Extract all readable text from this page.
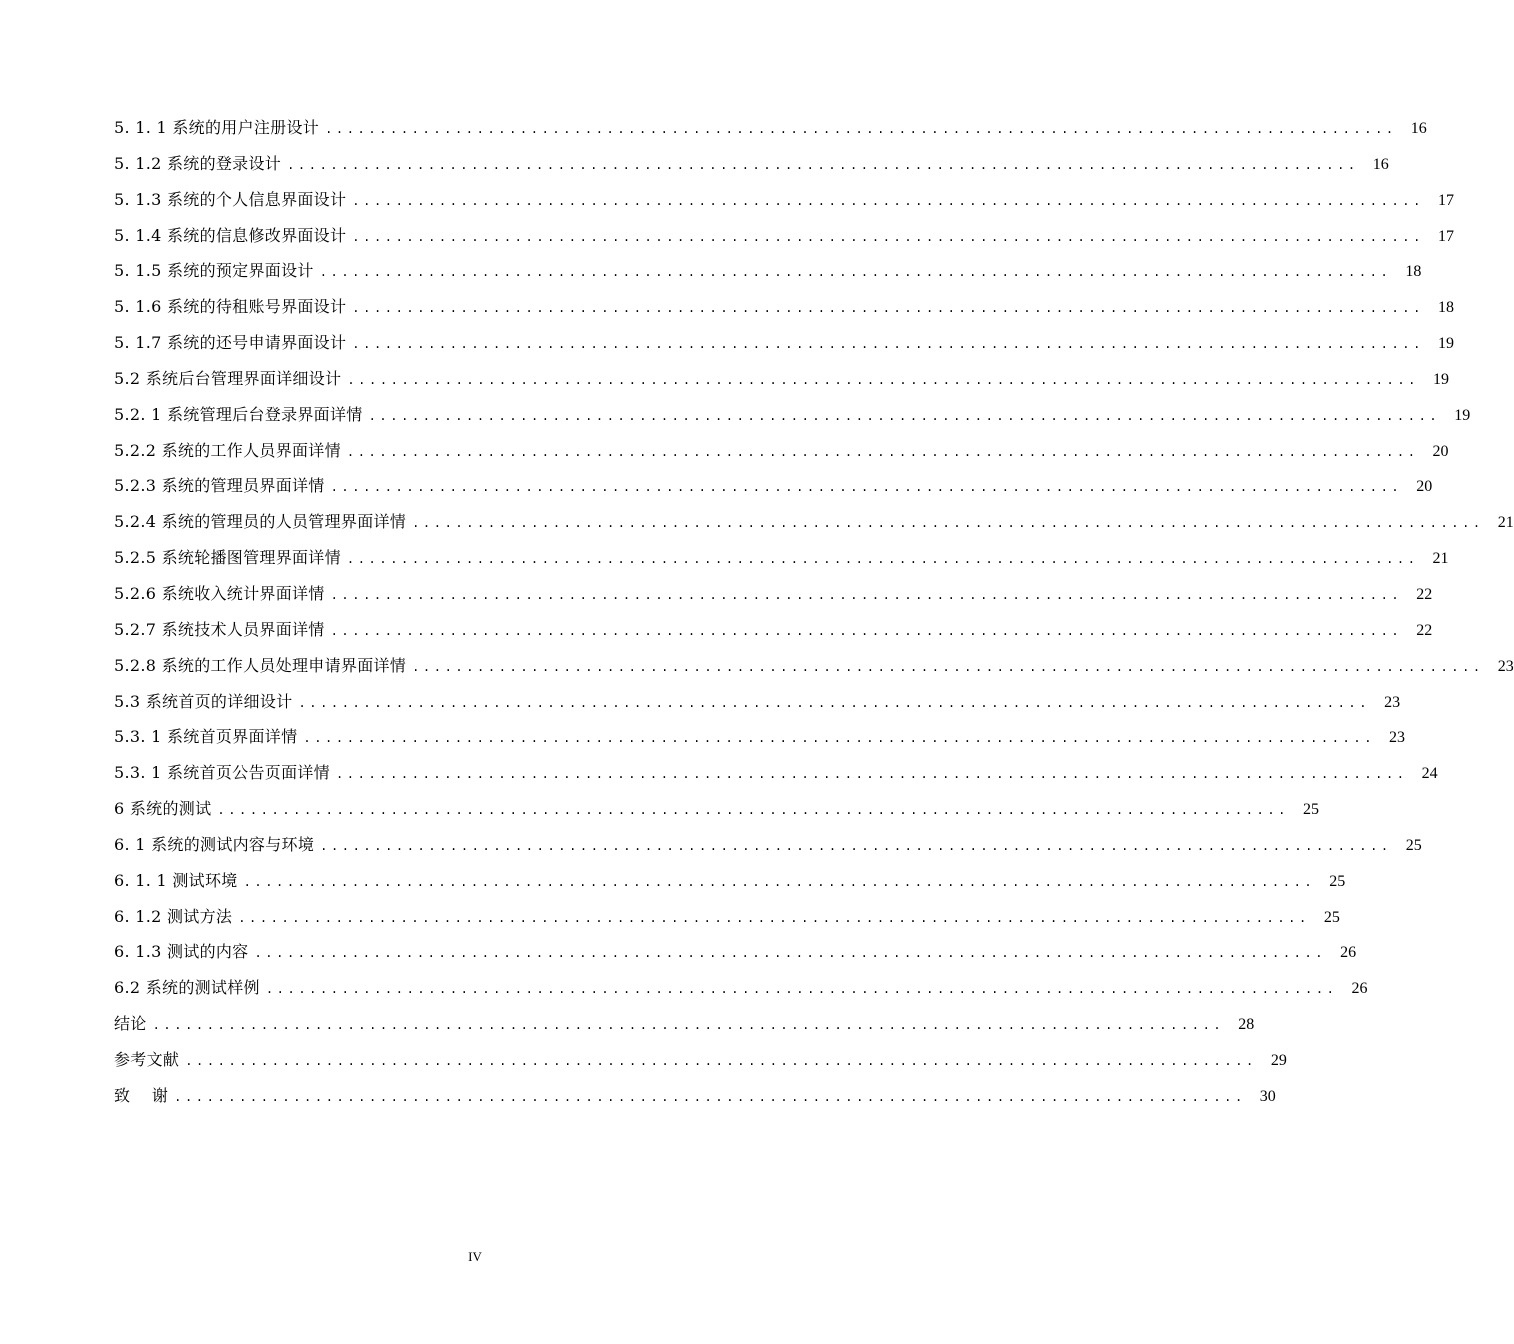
5. 1. 1 系统的用户注册设计 ................................................................................................... 16
5. 1.2 系统的登录设计 ................................................................................................... 16
5. 1.3 系统的个人信息界面设计 ................................................................................................... 17
5. 1.4 系统的信息修改界面设计 ................................................................................................... 17
5. 1.5 系统的预定界面设计 ................................................................................................... 18
5. 1.6 系统的待租账号界面设计 ................................................................................................... 18
5. 1.7 系统的还号申请界面设计 ................................................................................................... 19
5.2 系统后台管理界面详细设计 ................................................................................................... 19
5.2. 1 系统管理后台登录界面详情 ................................................................................................... 19
5.2.2 系统的工作人员界面详情 ................................................................................................... 20
5.2.3 系统的管理员界面详情 ................................................................................................... 20
5.2.4 系统的管理员的人员管理界面详情 ................................................................................................... 21
5.2.5 系统轮播图管理界面详情 ................................................................................................... 21
5.2.6 系统收入统计界面详情 ................................................................................................... 22
5.2.7 系统技术人员界面详情 ................................................................................................... 22
5.2.8 系统的工作人员处理申请界面详情 ................................................................................................... 23
5.3 系统首页的详细设计 ................................................................................................... 23
5.3. 1 系统首页界面详情 ................................................................................................... 23
5.3. 1 系统首页公告页面详情 ................................................................................................... 24
6 系统的测试 ................................................................................................... 25
6. 1 系统的测试内容与环境 ................................................................................................... 25
6. 1. 1 测试环境 ................................................................................................... 25
6. 1.2 测试方法 ................................................................................................... 25
6. 1.3 测试的内容 ................................................................................................... 26
6.2 系统的测试样例 ................................................................................................... 26
结论 ................................................................................................... 28
参考文献 ................................................................................................... 29
致    谢 ................................................................................................... 30
IV
